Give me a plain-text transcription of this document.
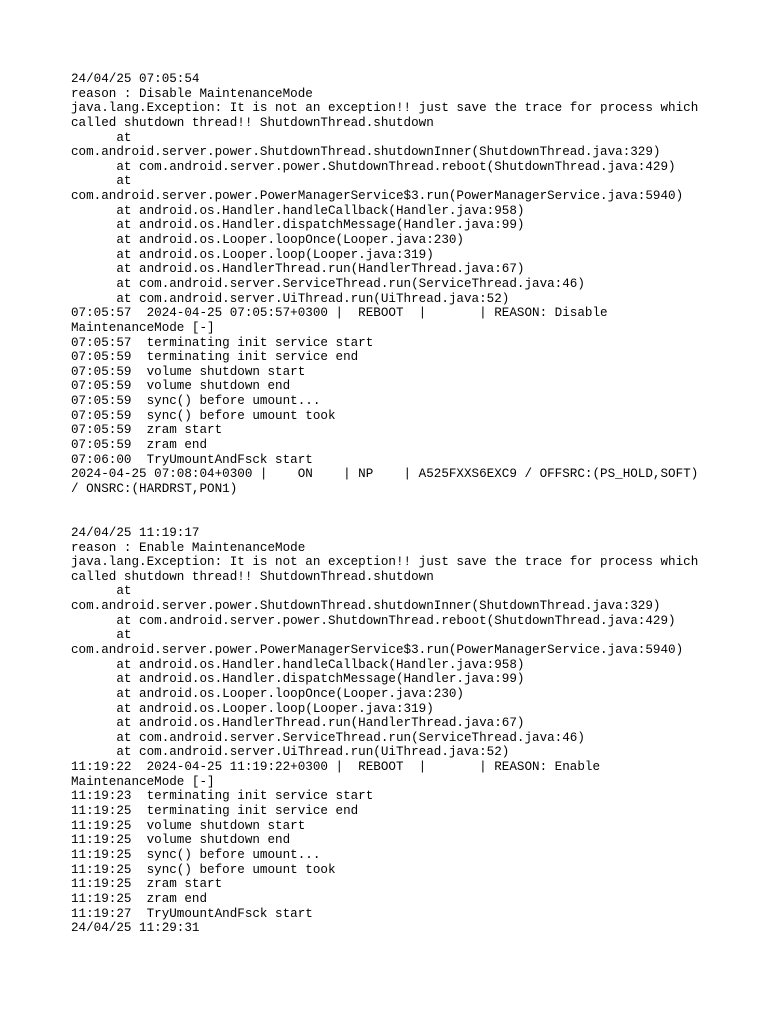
24/04/25 07:05:54
reason : Disable MaintenanceMode
java.lang.Exception: It is not an exception!! just save the trace for process which
called shutdown thread!! ShutdownThread.shutdown
at
com.android.server.power.ShutdownThread.shutdownInner(ShutdownThread.java:329)
at com.android.server.power.ShutdownThread.reboot(ShutdownThread.java:429)
at
com.android.server.power.PowerManagerService$3.run(PowerManagerService.java:5940)
at android.os.Handler.handleCallback(Handler.java:958)
at android.os.Handler.dispatchMessage(Handler.java:99)
at android.os.Looper.loopOnce(Looper.java:230)
at android.os.Looper.loop(Looper.java:319)
at android.os.HandlerThread.run(HandlerThread.java:67)
at com.android.server.ServiceThread.run(ServiceThread.java:46)
at com.android.server.UiThread.run(UiThread.java:52)
07:05:57  2024-04-25 07:05:57+0300 |  REBOOT  |       | REASON: Disable
MaintenanceMode [-]
07:05:57  terminating init service start
07:05:59  terminating init service end
07:05:59  volume shutdown start
07:05:59  volume shutdown end
07:05:59  sync() before umount...
07:05:59  sync() before umount took
07:05:59  zram start
07:05:59  zram end
07:06:00  TryUmountAndFsck start
2024-04-25 07:08:04+0300 |    ON    | NP    | A525FXXS6EXC9 / OFFSRC:(PS_HOLD,SOFT)
/ ONSRC:(HARDRST,PON1)
24/04/25 11:19:17
reason : Enable MaintenanceMode
java.lang.Exception: It is not an exception!! just save the trace for process which
called shutdown thread!! ShutdownThread.shutdown
at
com.android.server.power.ShutdownThread.shutdownInner(ShutdownThread.java:329)
at com.android.server.power.ShutdownThread.reboot(ShutdownThread.java:429)
at
com.android.server.power.PowerManagerService$3.run(PowerManagerService.java:5940)
at android.os.Handler.handleCallback(Handler.java:958)
at android.os.Handler.dispatchMessage(Handler.java:99)
at android.os.Looper.loopOnce(Looper.java:230)
at android.os.Looper.loop(Looper.java:319)
at android.os.HandlerThread.run(HandlerThread.java:67)
at com.android.server.ServiceThread.run(ServiceThread.java:46)
at com.android.server.UiThread.run(UiThread.java:52)
11:19:22  2024-04-25 11:19:22+0300 |  REBOOT  |       | REASON: Enable
MaintenanceMode [-]
11:19:23  terminating init service start
11:19:25  terminating init service end
11:19:25  volume shutdown start
11:19:25  volume shutdown end
11:19:25  sync() before umount...
11:19:25  sync() before umount took
11:19:25  zram start
11:19:25  zram end
11:19:27  TryUmountAndFsck start
24/04/25 11:29:31
